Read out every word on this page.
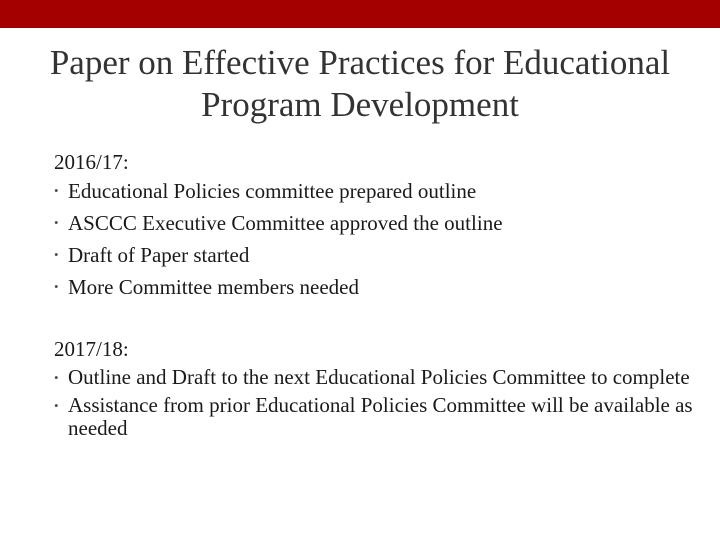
Paper on Effective Practices for Educational
Program Development
2016/17:
• Educational Policies committee prepared outline
• ASCCC Executive Committee approved the outline
• Draft of Paper started
• More Committee members needed
2017/18:
• Outline and Draft to the next Educational Policies Committee to complete
• Assistance from prior Educational Policies Committee will be available as needed
